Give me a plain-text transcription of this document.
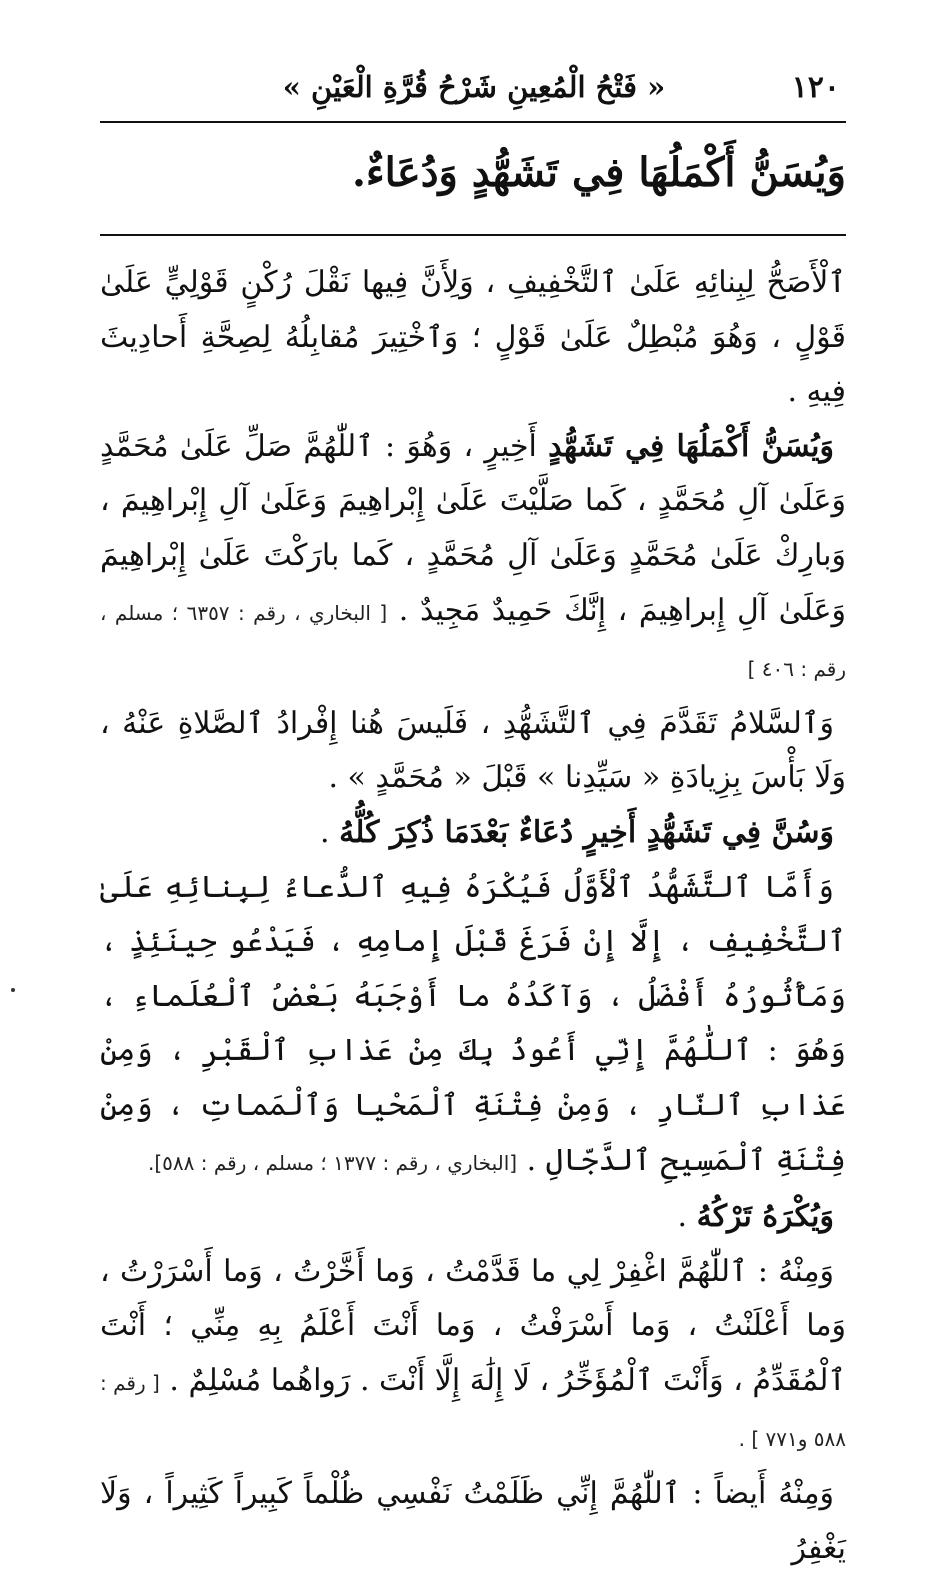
١٢٠
« فَتْحُ الْمُعِينِ شَرْحُ قُرَّةِ الْعَيْنِ »
وَيُسَنُّ أَكْمَلُهَا فِي تَشَهُّدٍ وَدُعَاءٌ.

ٱلْأَصَحُّ لِبِنائِهِ عَلَىٰ ٱلتَّخْفِيفِ ، وَلِأَنَّ فِيها نَقْلَ رُكْنٍ قَوْلِيٍّ عَلَىٰ قَوْلٍ ، وَهُوَ مُبْطِلٌ عَلَىٰ قَوْلٍ ؛ وَٱخْتِيرَ مُقابِلُهُ لِصِحَّةِ أَحادِيثَ فِيهِ .

وَيُسَنُّ أَكْمَلُهَا فِي تَشَهُّدٍ أَخِيرٍ ، وَهُوَ : ٱللّٰهُمَّ صَلِّ عَلَىٰ مُحَمَّدٍ وَعَلَىٰ آلِ مُحَمَّدٍ ، كَما صَلَّيْتَ عَلَىٰ إِبْراهِيمَ وَعَلَىٰ آلِ إِبْراهِيمَ ، وَبارِكْ عَلَىٰ مُحَمَّدٍ وَعَلَىٰ آلِ مُحَمَّدٍ ، كَما بارَكْتَ عَلَىٰ إِبْراهِيمَ وَعَلَىٰ آلِ إِبراهِيمَ ، إِنَّكَ حَمِيدٌ مَجِيدٌ . [ البخاري ، رقم : ٦٣٥٧ ؛ مسلم ، رقم : ٤٠٦ ]

وَٱلسَّلامُ تَقَدَّمَ فِي ٱلتَّشَهُّدِ ، فَلَيسَ هُنا إِفْرادُ ٱلصَّلاةِ عَنْهُ ، وَلَا بَأْسَ بِزِيادَةِ « سَيِّدِنا » قَبْلَ « مُحَمَّدٍ » .

وَسُنَّ فِي تَشَهُّدٍ أَخِيرٍ دُعَاءٌ بَعْدَمَا ذُكِرَ كُلُّهُ .

وَأَمَّا ٱلتَّشَهُّدُ ٱلْأَوَّلُ فَيُكْرَهُ فِيهِ ٱلدُّعاءُ لِبِنائِهِ عَلَىٰ ٱلتَّخْفِيفِ ، إِلَّا إِنْ فَرَغَ قَبْلَ إِمامِهِ ، فَيَدْعُو حِينَئِذٍ ، وَمَأْثُورُهُ أَفْضَلُ ، وَآكَدُهُ ما أَوْجَبَهُ بَعْضُ ٱلْعُلَماءِ ، وَهُوَ : ٱللّٰهُمَّ إِنِّي أَعُوذُ بِكَ مِنْ عَذابِ ٱلْقَبْرِ ، وَمِنْ عَذابِ ٱلنّارِ ، وَمِنْ فِتْنَةِ ٱلْمَحْيا وَٱلْمَماتِ ، وَمِنْ فِتْنَةِ ٱلْمَسِيحِ ٱلدَّجّالِ . [البخاري ، رقم : ١٣٧٧ ؛ مسلم ، رقم : ٥٨٨].

وَيُكْرَهُ تَرْكُهُ .

وَمِنْهُ : ٱللّٰهُمَّ اغْفِرْ لِي ما قَدَّمْتُ ، وَما أَخَّرْتُ ، وَما أَسْرَرْتُ ، وَما أَعْلَنْتُ ، وَما أَسْرَفْتُ ، وَما أَنْتَ أَعْلَمُ بِهِ مِنِّي ؛ أَنْتَ ٱلْمُقَدِّمُ ، وَأَنْتَ ٱلْمُؤَخِّرُ ، لَا إِلَٰهَ إِلَّا أَنْتَ . رَواهُما مُسْلِمٌ . [ رقم : ٥٨٨ و٧٧١ ] .

وَمِنْهُ أَيضاً : ٱللّٰهُمَّ إِنِّي ظَلَمْتُ نَفْسِي ظُلْماً كَبِيراً كَثِيراً ، وَلَا يَغْفِرُ
